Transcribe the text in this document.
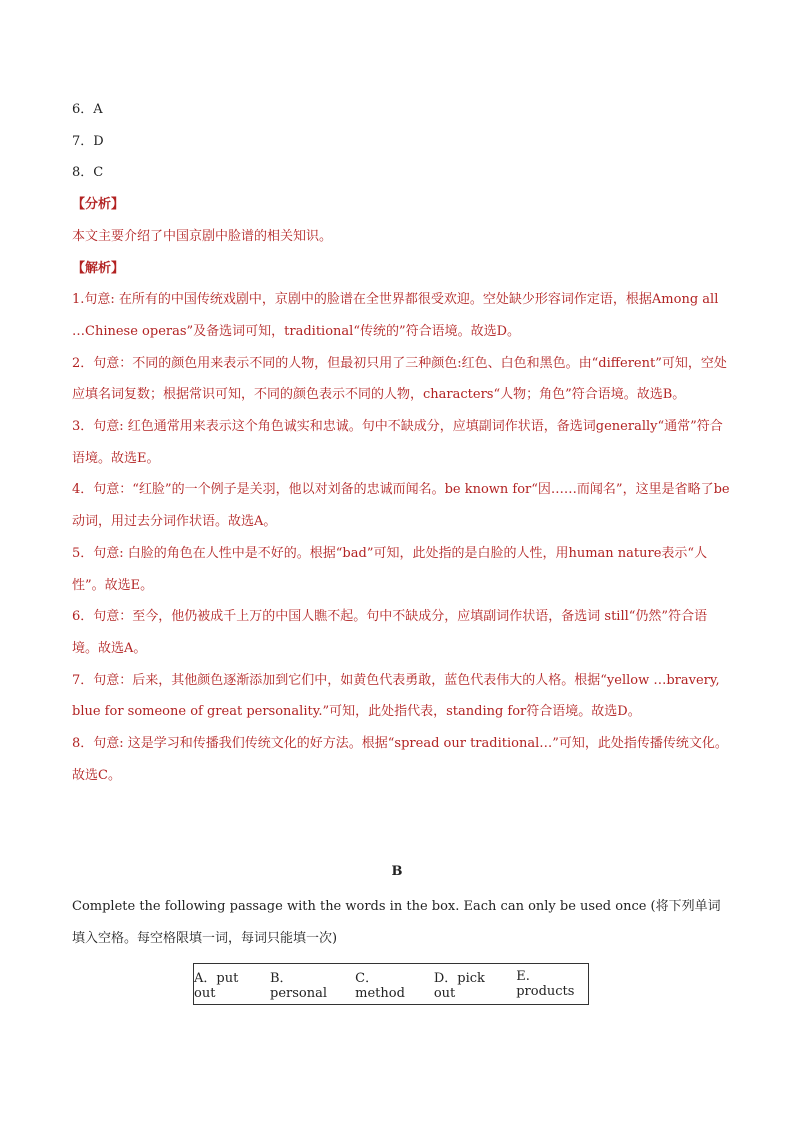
6．A
7．D
8．C
【分析】
本文主要介绍了中国京剧中脸谱的相关知识。
【解析】
1.句意: 在所有的中国传统戏剧中，京剧中的脸谱在全世界都很受欢迎。空处缺少形容词作定语，根据Among all …Chinese operas”及备选词可知，traditional“传统的”符合语境。故选D。
2．句意：不同的颜色用来表示不同的人物，但最初只用了三种颜色:红色、白色和黑色。由“different”可知，空处应填名词复数；根据常识可知，不同的颜色表示不同的人物，characters“人物；角色”符合语境。故选B。
3．句意: 红色通常用来表示这个角色诚实和忠诚。句中不缺成分，应填副词作状语，备选词generally“通常”符合语境。故选E。
4．句意：“红脸”的一个例子是关羽，他以对刘备的忠诚而闻名。be known for“因……而闻名”，这里是省略了be动词，用过去分词作状语。故选A。
5．句意: 白脸的角色在人性中是不好的。根据“bad”可知，此处指的是白脸的人性，用human nature表示“人性”。故选E。
6．句意：至今，他仍被成千上万的中国人瞧不起。句中不缺成分，应填副词作状语，备选词 still“仍然”符合语境。故选A。
7．句意：后来，其他颜色逐渐添加到它们中，如黄色代表勇敢，蓝色代表伟大的人格。根据“yellow …bravery, blue for someone of great personality.”可知，此处指代表，standing for符合语境。故选D。
8．句意: 这是学习和传播我们传统文化的好方法。根据“spread our traditional…”可知，此处指传播传统文化。故选C。
B
Complete the following passage with the words in the box. Each can only be used once (将下列单词填入空格。每空格限填一词，每词只能填一次)
A．put out
B．personal
C．method
D．pick out
E. products
